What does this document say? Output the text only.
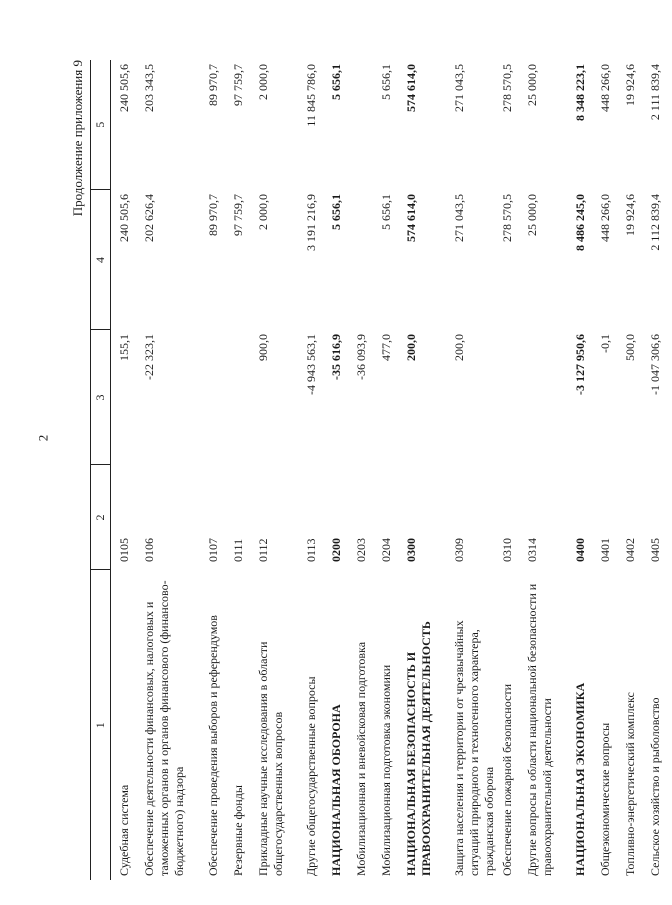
2
Продолжение приложения 9
1	2	3	4	5
Судебная система	0105	155,1	240 505,6	240 505,6
Обеспечение деятельности финансовых, налоговых и таможенных органов и органов финансового (финансово-бюджетного) надзора	0106	-22 323,1	202 626,4	203 343,5
Обеспечение проведения выборов и референдумов	0107		89 970,7	89 970,7
Резервные фонды	0111		97 759,7	97 759,7
Прикладные научные исследования в области общегосударственных вопросов	0112	900,0	2 000,0	2 000,0
Другие общегосударственные вопросы	0113	-4 943 563,1	3 191 216,9	11 845 786,0
НАЦИОНАЛЬНАЯ ОБОРОНА	0200	-35 616,9	5 656,1	5 656,1
Мобилизационная и вневойсковая подготовка	0203	-36 093,9		
Мобилизационная подготовка экономики	0204	477,0	5 656,1	5 656,1
НАЦИОНАЛЬНАЯ БЕЗОПАСНОСТЬ И ПРАВООХРАНИТЕЛЬНАЯ ДЕЯТЕЛЬНОСТЬ	0300	200,0	574 614,0	574 614,0
Защита населения и территории от чрезвычайных ситуаций природного и техногенного характера, гражданская оборона	0309	200,0	271 043,5	271 043,5
Обеспечение пожарной безопасности	0310		278 570,5	278 570,5
Другие вопросы в области национальной безопасности и правоохранительной деятельности	0314		25 000,0	25 000,0
НАЦИОНАЛЬНАЯ ЭКОНОМИКА	0400	-3 127 950,6	8 486 245,0	8 348 223,1
Общеэкономические вопросы	0401	-0,1	448 266,0	448 266,0
Топливно-энергетический комплекс	0402	500,0	19 924,6	19 924,6
Сельское хозяйство и рыболовство	0405	-1 047 306,6	2 112 839,4	2 111 839,4
